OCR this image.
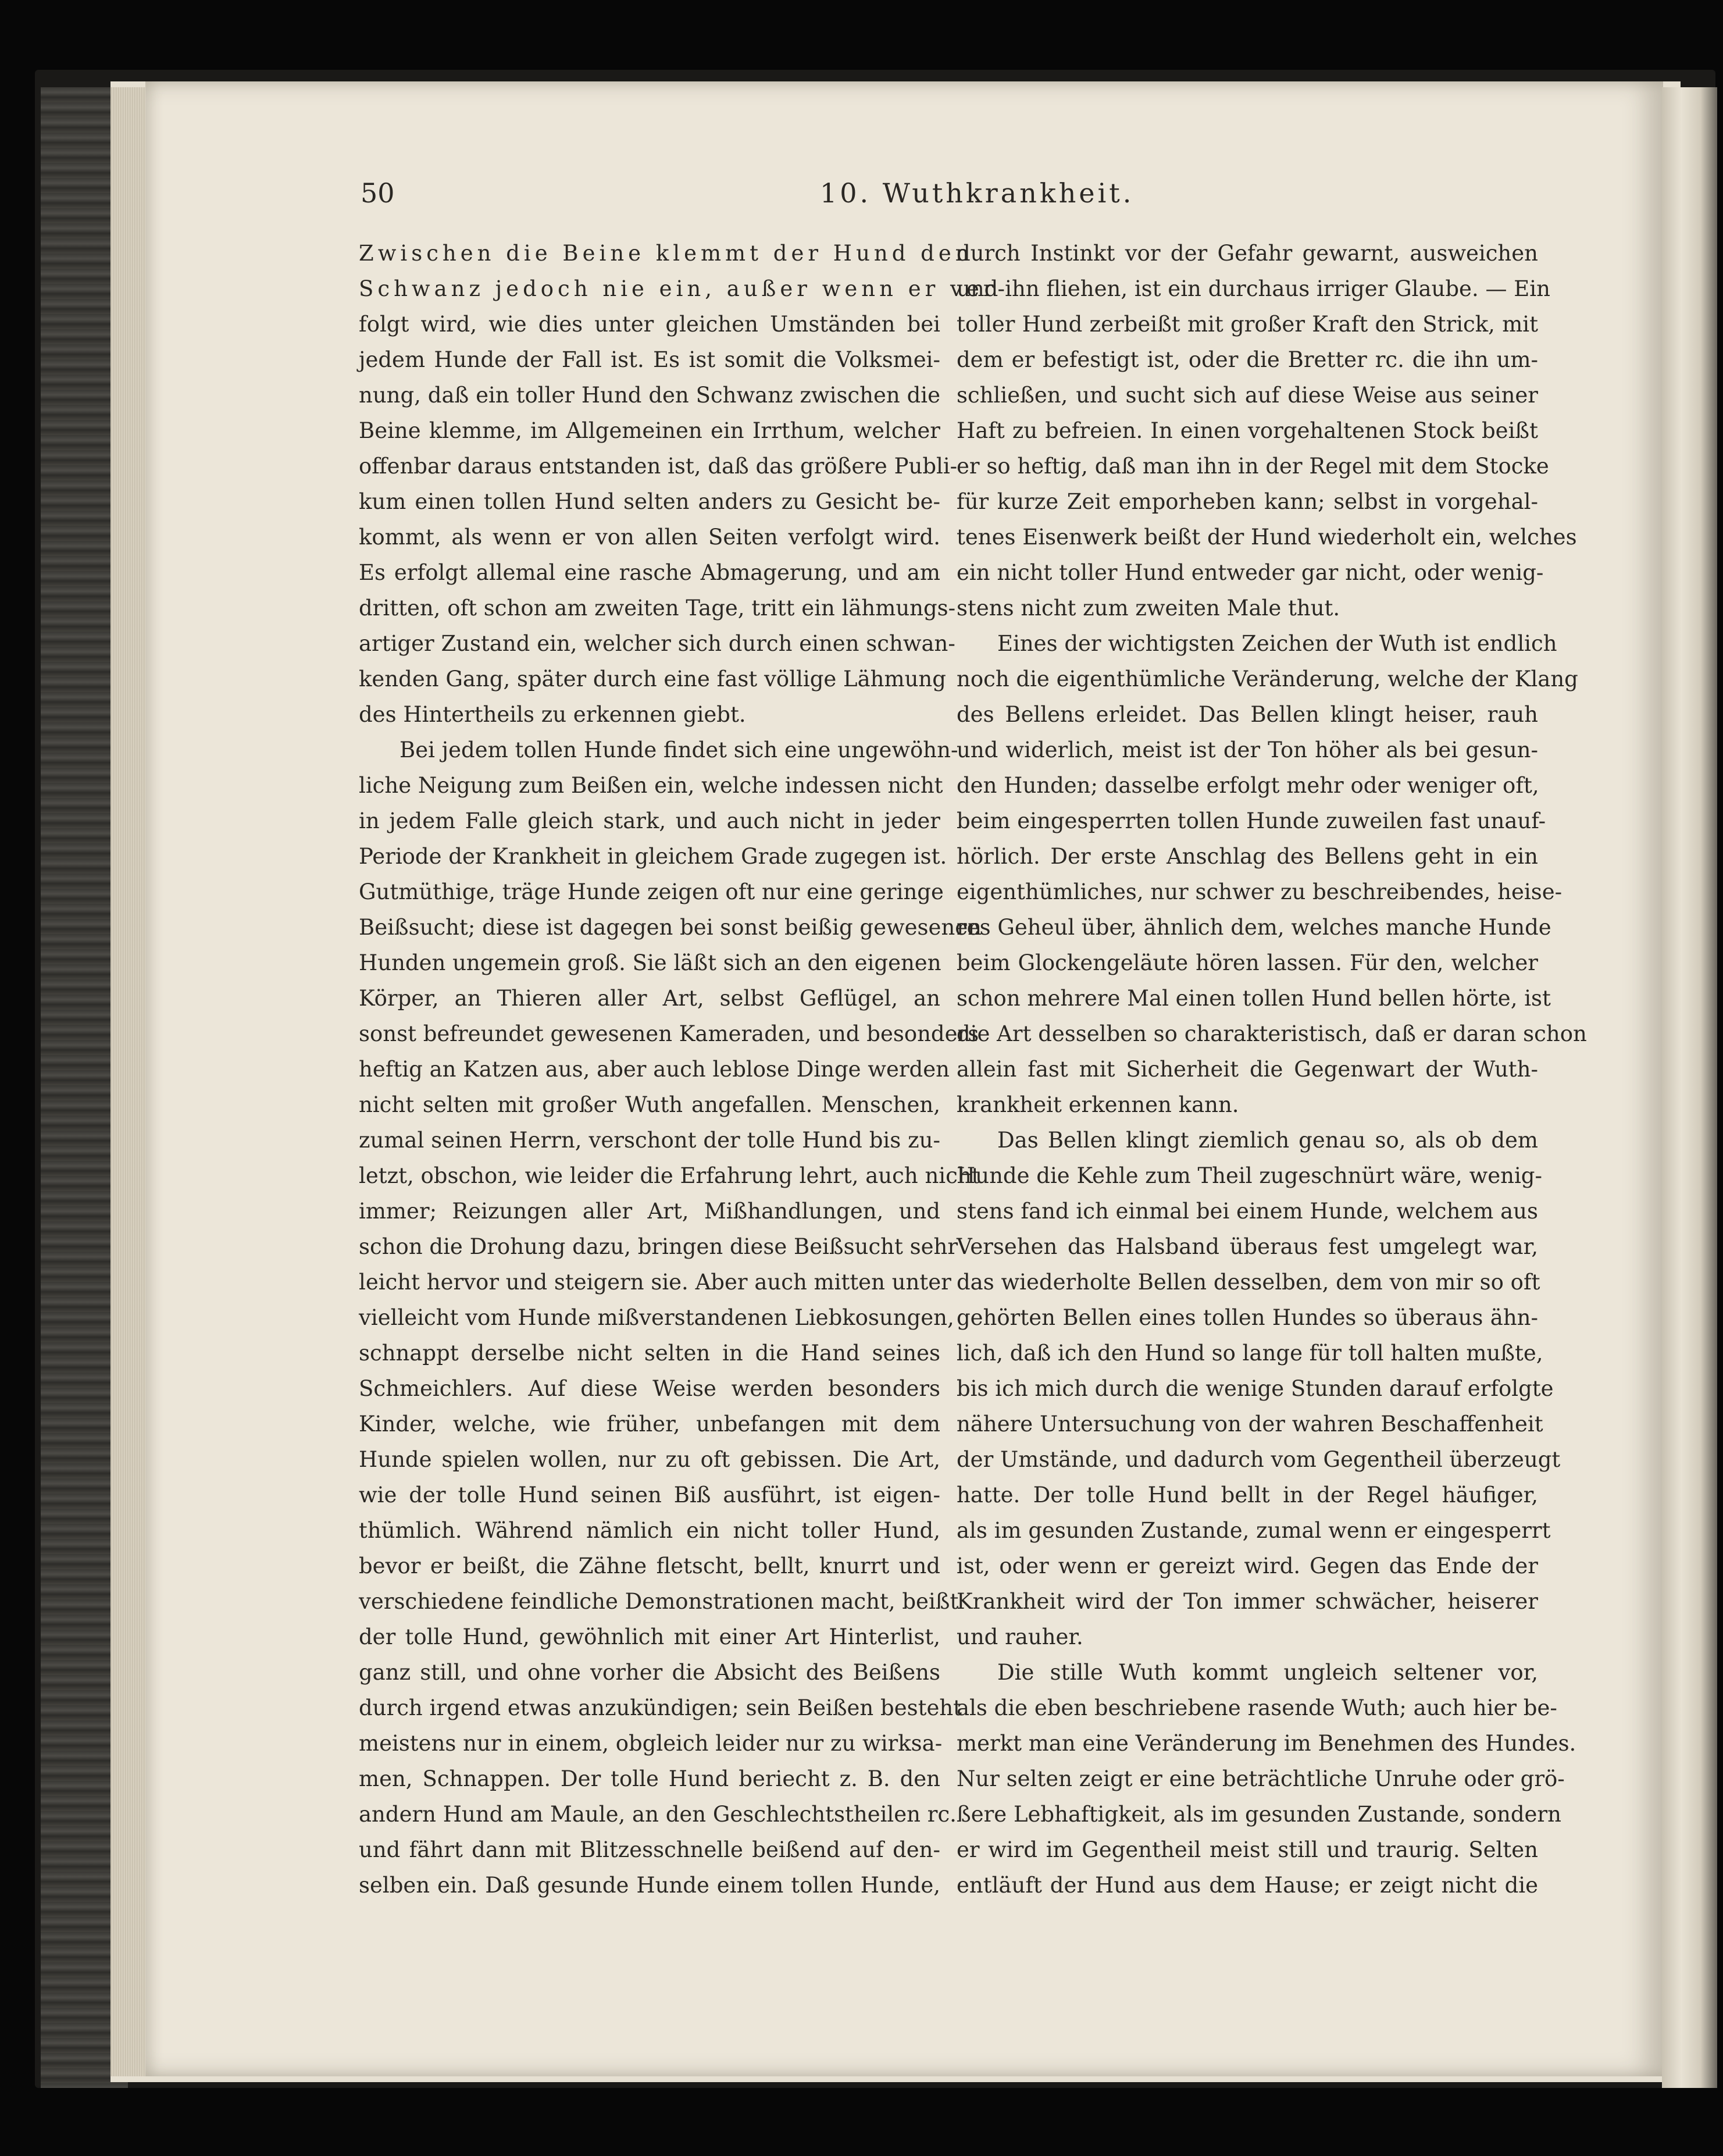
50	10. Wuthkrankheit.
Zwischen die Beine klemmt der Hund den
Schwanz jedoch nie ein, außer wenn er ver-
folgt wird, wie dies unter gleichen Umständen bei
jedem Hunde der Fall ist. Es ist somit die Volksmei-
nung, daß ein toller Hund den Schwanz zwischen die
Beine klemme, im Allgemeinen ein Irrthum, welcher
offenbar daraus entstanden ist, daß das größere Publi-
kum einen tollen Hund selten anders zu Gesicht be-
kommt, als wenn er von allen Seiten verfolgt wird.
Es erfolgt allemal eine rasche Abmagerung, und am
dritten, oft schon am zweiten Tage, tritt ein lähmungs-
artiger Zustand ein, welcher sich durch einen schwan-
kenden Gang, später durch eine fast völlige Lähmung
des Hintertheils zu erkennen giebt.
Bei jedem tollen Hunde findet sich eine ungewöhn-
liche Neigung zum Beißen ein, welche indessen nicht
in jedem Falle gleich stark, und auch nicht in jeder
Periode der Krankheit in gleichem Grade zugegen ist.
Gutmüthige, träge Hunde zeigen oft nur eine geringe
Beißsucht; diese ist dagegen bei sonst beißig gewesenen
Hunden ungemein groß. Sie läßt sich an den eigenen
Körper, an Thieren aller Art, selbst Geflügel, an
sonst befreundet gewesenen Kameraden, und besonders
heftig an Katzen aus, aber auch leblose Dinge werden
nicht selten mit großer Wuth angefallen. Menschen,
zumal seinen Herrn, verschont der tolle Hund bis zu-
letzt, obschon, wie leider die Erfahrung lehrt, auch nicht
immer; Reizungen aller Art, Mißhandlungen, und
schon die Drohung dazu, bringen diese Beißsucht sehr
leicht hervor und steigern sie. Aber auch mitten unter
vielleicht vom Hunde mißverstandenen Liebkosungen,
schnappt derselbe nicht selten in die Hand seines
Schmeichlers. Auf diese Weise werden besonders
Kinder, welche, wie früher, unbefangen mit dem
Hunde spielen wollen, nur zu oft gebissen. Die Art,
wie der tolle Hund seinen Biß ausführt, ist eigen-
thümlich. Während nämlich ein nicht toller Hund,
bevor er beißt, die Zähne fletscht, bellt, knurrt und
verschiedene feindliche Demonstrationen macht, beißt
der tolle Hund, gewöhnlich mit einer Art Hinterlist,
ganz still, und ohne vorher die Absicht des Beißens
durch irgend etwas anzukündigen; sein Beißen besteht
meistens nur in einem, obgleich leider nur zu wirksa-
men, Schnappen. Der tolle Hund beriecht z. B. den
andern Hund am Maule, an den Geschlechtstheilen rc.
und fährt dann mit Blitzesschnelle beißend auf den-
selben ein. Daß gesunde Hunde einem tollen Hunde,
durch Instinkt vor der Gefahr gewarnt, ausweichen
und ihn fliehen, ist ein durchaus irriger Glaube. — Ein
toller Hund zerbeißt mit großer Kraft den Strick, mit
dem er befestigt ist, oder die Bretter rc. die ihn um-
schließen, und sucht sich auf diese Weise aus seiner
Haft zu befreien. In einen vorgehaltenen Stock beißt
er so heftig, daß man ihn in der Regel mit dem Stocke
für kurze Zeit emporheben kann; selbst in vorgehal-
tenes Eisenwerk beißt der Hund wiederholt ein, welches
ein nicht toller Hund entweder gar nicht, oder wenig-
stens nicht zum zweiten Male thut.
Eines der wichtigsten Zeichen der Wuth ist endlich
noch die eigenthümliche Veränderung, welche der Klang
des Bellens erleidet. Das Bellen klingt heiser, rauh
und widerlich, meist ist der Ton höher als bei gesun-
den Hunden; dasselbe erfolgt mehr oder weniger oft,
beim eingesperrten tollen Hunde zuweilen fast unauf-
hörlich. Der erste Anschlag des Bellens geht in ein
eigenthümliches, nur schwer zu beschreibendes, heise-
res Geheul über, ähnlich dem, welches manche Hunde
beim Glockengeläute hören lassen. Für den, welcher
schon mehrere Mal einen tollen Hund bellen hörte, ist
die Art desselben so charakteristisch, daß er daran schon
allein fast mit Sicherheit die Gegenwart der Wuth-
krankheit erkennen kann.
Das Bellen klingt ziemlich genau so, als ob dem
Hunde die Kehle zum Theil zugeschnürt wäre, wenig-
stens fand ich einmal bei einem Hunde, welchem aus
Versehen das Halsband überaus fest umgelegt war,
das wiederholte Bellen desselben, dem von mir so oft
gehörten Bellen eines tollen Hundes so überaus ähn-
lich, daß ich den Hund so lange für toll halten mußte,
bis ich mich durch die wenige Stunden darauf erfolgte
nähere Untersuchung von der wahren Beschaffenheit
der Umstände, und dadurch vom Gegentheil überzeugt
hatte. Der tolle Hund bellt in der Regel häufiger,
als im gesunden Zustande, zumal wenn er eingesperrt
ist, oder wenn er gereizt wird. Gegen das Ende der
Krankheit wird der Ton immer schwächer, heiserer
und rauher.
Die stille Wuth kommt ungleich seltener vor,
als die eben beschriebene rasende Wuth; auch hier be-
merkt man eine Veränderung im Benehmen des Hundes.
Nur selten zeigt er eine beträchtliche Unruhe oder grö-
ßere Lebhaftigkeit, als im gesunden Zustande, sondern
er wird im Gegentheil meist still und traurig. Selten
entläuft der Hund aus dem Hause; er zeigt nicht die
